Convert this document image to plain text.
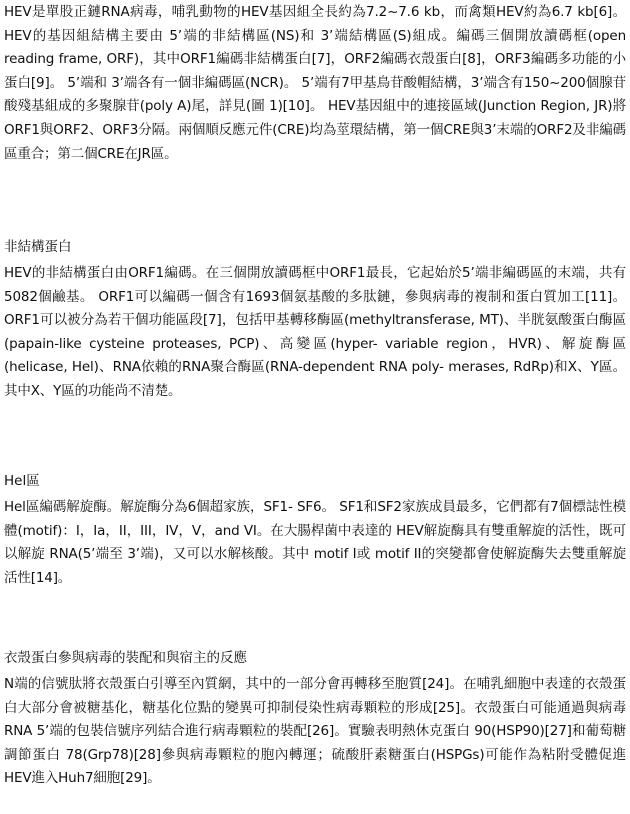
HEV是單股正鏈RNA病毒，哺乳動物的HEV基因組全長約為7.2~7.6 kb，而禽類HEV約為6.7 kb[6]。HEV的基因組結構主要由 5’端的非結構區(NS)和 3’端結構區(S)組成。編碼三個開放讀碼框(open reading frame, ORF)，其中ORF1編碼非結構蛋白[7]，ORF2編碼衣殼蛋白[8]，ORF3編碼多功能的小蛋白[9]。 5’端和 3’端各有一個非編碼區(NCR)。 5’端有7甲基鳥苷酸帽結構，3’端含有150~200個腺苷酸殘基組成的多聚腺苷(poly A)尾，詳見(圖 1)[10]。 HEV基因組中的連接區域(Junction Region, JR)將ORF1與ORF2、ORF3分隔。兩個順反應元件(CRE)均為莖環結構，第一個CRE與3’末端的ORF2及非編碼區重合；第二個CRE在JR區。

非結構蛋白

HEV的非結構蛋白由ORF1編碼。在三個開放讀碼框中ORF1最長，它起始於5’端非編碼區的末端，共有5082個鹼基。 ORF1可以編碼一個含有1693個氨基酸的多肽鏈，參與病毒的複制和蛋白質加工[11]。 ORF1可以被分為若干個功能區段[7]，包括甲基轉移酶區(methyltransferase, MT)、半胱氨酸蛋白酶區(papain-like cysteine proteases, PCP)、高變區(hyper- variable region，HVR)、解旋酶區(helicase, Hel)、RNA依賴的RNA聚合酶區(RNA-dependent RNA poly- merases, RdRp)和X、Y區。其中X、Y區的功能尚不清楚。

Hel區

Hel區編碼解旋酶。解旋酶分為6個超家族，SF1- SF6。 SF1和SF2家族成員最多，它們都有7個標誌性模體(motif)：I，Ia，II，III，IV，V，and VI。在大腸桿菌中表達的 HEV解旋酶具有雙重解旋的活性，既可以解旋 RNA(5’端至 3’端)，又可以水解核酸。其中 motif I或 motif II的突變都會使解旋酶失去雙重解旋活性[14]。

衣殼蛋白參與病毒的裝配和與宿主的反應

N端的信號肽將衣殼蛋白引導至內質網，其中的一部分會再轉移至胞質[24]。在哺乳細胞中表達的衣殼蛋白大部分會被糖基化，糖基化位點的變異可抑制侵染性病毒顆粒的形成[25]。衣殼蛋白可能通過與病毒RNA 5’端的包裝信號序列結合進行病毒顆粒的裝配[26]。實驗表明熱休克蛋白 90(HSP90)[27]和葡萄糖調節蛋白 78(Grp78)[28]參與病毒顆粒的胞內轉運；硫酸肝素糖蛋白(HSPGs)可能作為粘附受體促進 HEV進入Huh7細胞[29]。
